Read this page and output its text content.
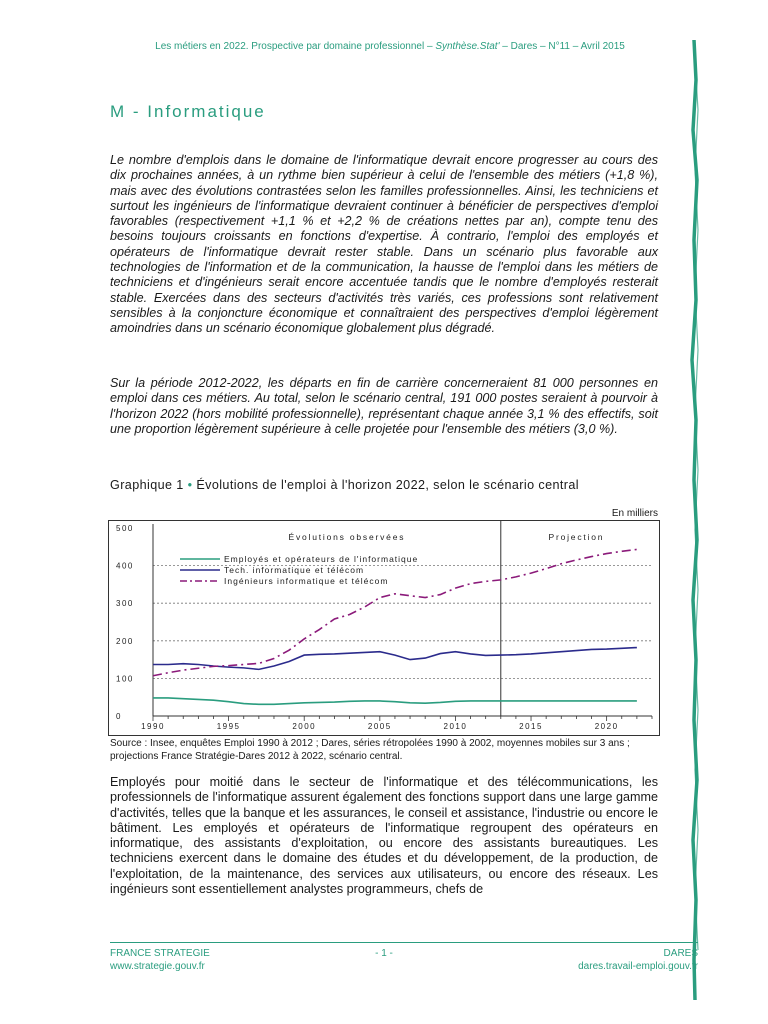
Les métiers en 2022. Prospective par domaine professionnel – Synthèse.Stat' – Dares – N°11 – Avril 2015
M - Informatique

Le nombre d'emplois dans le domaine de l'informatique devrait encore progresser au cours des dix prochaines années, à un rythme bien supérieur à celui de l'ensemble des métiers (+1,8 %), mais avec des évolutions contrastées selon les familles professionnelles. Ainsi, les techniciens et surtout les ingénieurs de l'informatique devraient continuer à bénéficier de perspectives d'emploi favorables (respectivement +1,1 % et +2,2 % de créations nettes par an), compte tenu des besoins toujours croissants en fonctions d'expertise. À contrario, l'emploi des employés et opérateurs de l'informatique devrait rester stable. Dans un scénario plus favorable aux technologies de l'information et de la communication, la hausse de l'emploi dans les métiers de techniciens et d'ingénieurs serait encore accentuée tandis que le nombre d'employés resterait stable. Exercées dans des secteurs d'activités très variés, ces professions sont relativement sensibles à la conjoncture économique et connaîtraient des perspectives d'emploi légèrement amoindries dans un scénario économique globalement plus dégradé.

Sur la période 2012-2022, les départs en fin de carrière concerneraient 81 000 personnes en emploi dans ces métiers. Au total, selon le scénario central, 191 000 postes seraient à pourvoir à l'horizon 2022 (hors mobilité professionnelle), représentant chaque année 3,1 % des effectifs, soit une proportion légèrement supérieure à celle projetée pour l'ensemble des métiers (3,0 %).

Graphique 1 • Évolutions de l'emploi à l'horizon 2022, selon le scénario central
En milliers
0
100
200
300
400
500
1990	1995	2000	2005	2010	2015	2020
Évolutions observées	Projection
Employés et opérateurs de l'informatique
Tech. informatique et télécom
Ingénieurs informatique et télécom
Source : Insee, enquêtes Emploi 1990 à 2012 ; Dares, séries rétropolées 1990 à 2002, moyennes mobiles sur 3 ans ; projections France Stratégie-Dares 2012 à 2022, scénario central.

Employés pour moitié dans le secteur de l'informatique et des télécommunications, les professionnels de l'informatique assurent également des fonctions support dans une large gamme d'activités, telles que la banque et les assurances, le conseil et assistance, l'industrie ou encore le bâtiment. Les employés et opérateurs de l'informatique regroupent des opérateurs en informatique, des assistants d'exploitation, ou encore des assistants bureautiques. Les techniciens exercent dans le domaine des études et du développement, de la production, de l'exploitation, de la maintenance, des services aux utilisateurs, ou encore des réseaux. Les ingénieurs sont essentiellement analystes programmeurs, chefs de

FRANCE STRATEGIE
www.strategie.gouv.fr
- 1 -	DARES
dares.travail-emploi.gouv.fr
